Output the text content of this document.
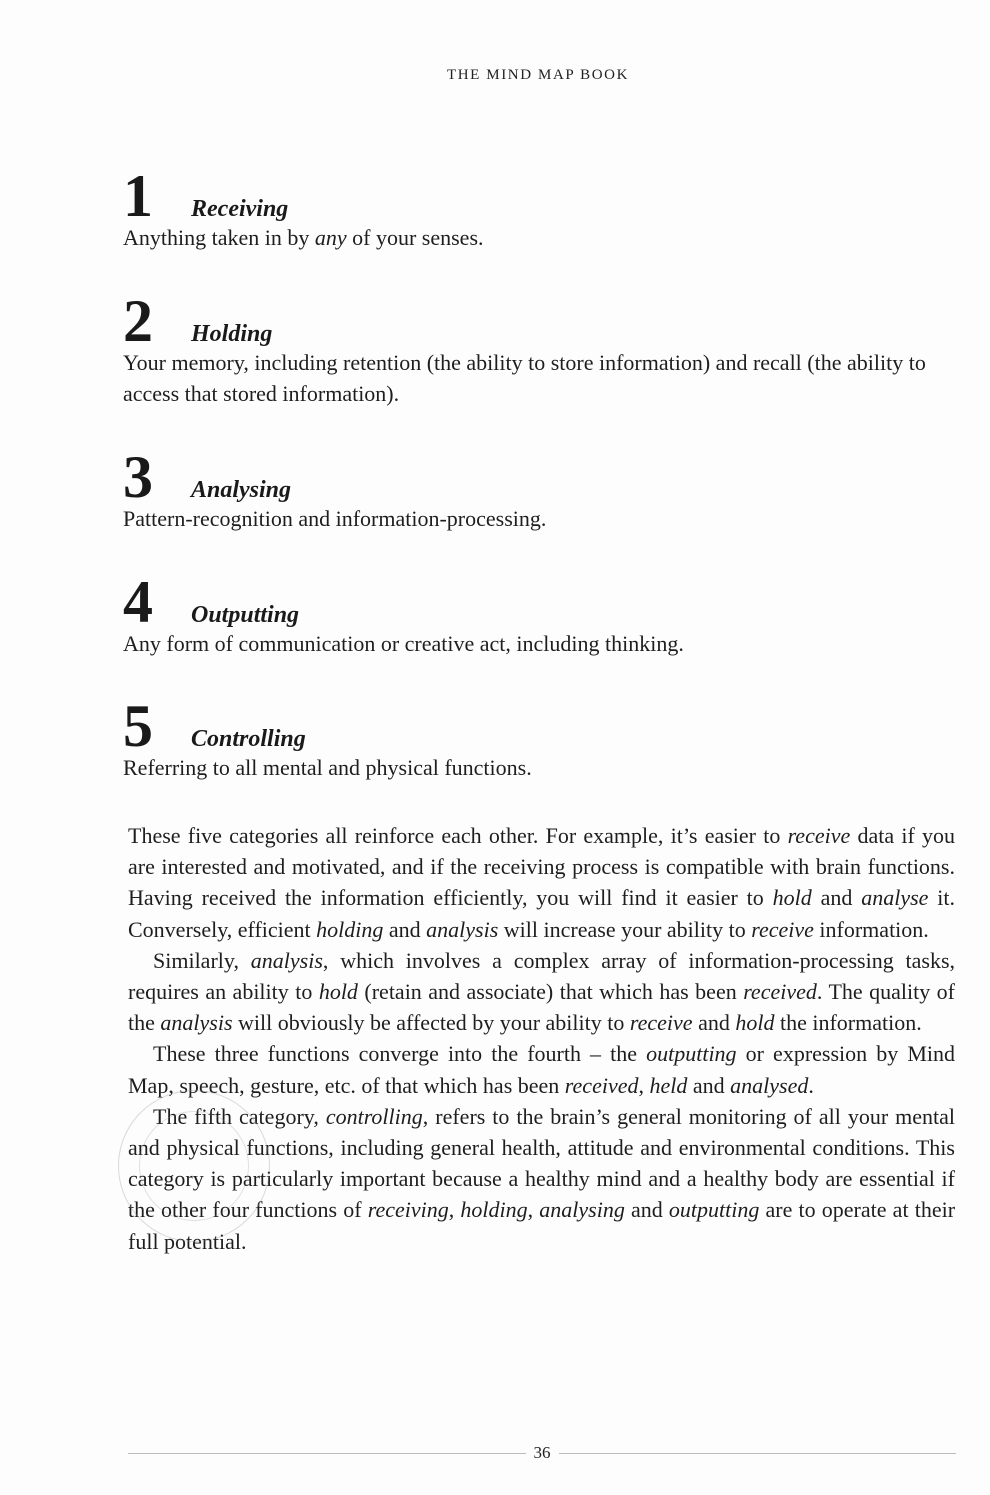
THE MIND MAP BOOK
1	Receiving
Anything taken in by any of your senses.
2	Holding
Your memory, including retention (the ability to store information) and recall (the ability to access that stored information).
3	Analysing
Pattern-recognition and information-processing.
4	Outputting
Any form of communication or creative act, including thinking.
5	Controlling
Referring to all mental and physical functions.

These five categories all reinforce each other. For example, it’s easier to receive data if you are interested and motivated, and if the receiving process is compatible with brain functions. Having received the information efficiently, you will find it easier to hold and analyse it. Conversely, efficient holding and analysis will increase your ability to receive information.

Similarly, analysis, which involves a complex array of information-processing tasks, requires an ability to hold (retain and associate) that which has been received. The quality of the analysis will obviously be affected by your ability to receive and hold the information.

These three functions converge into the fourth – the outputting or expression by Mind Map, speech, gesture, etc. of that which has been received, held and analysed.

The fifth category, controlling, refers to the brain’s general monitoring of all your mental and physical functions, including general health, attitude and environmental conditions. This category is particularly important because a healthy mind and a healthy body are essential if the other four functions of receiving, holding, analysing and outputting are to operate at their full potential.

36
